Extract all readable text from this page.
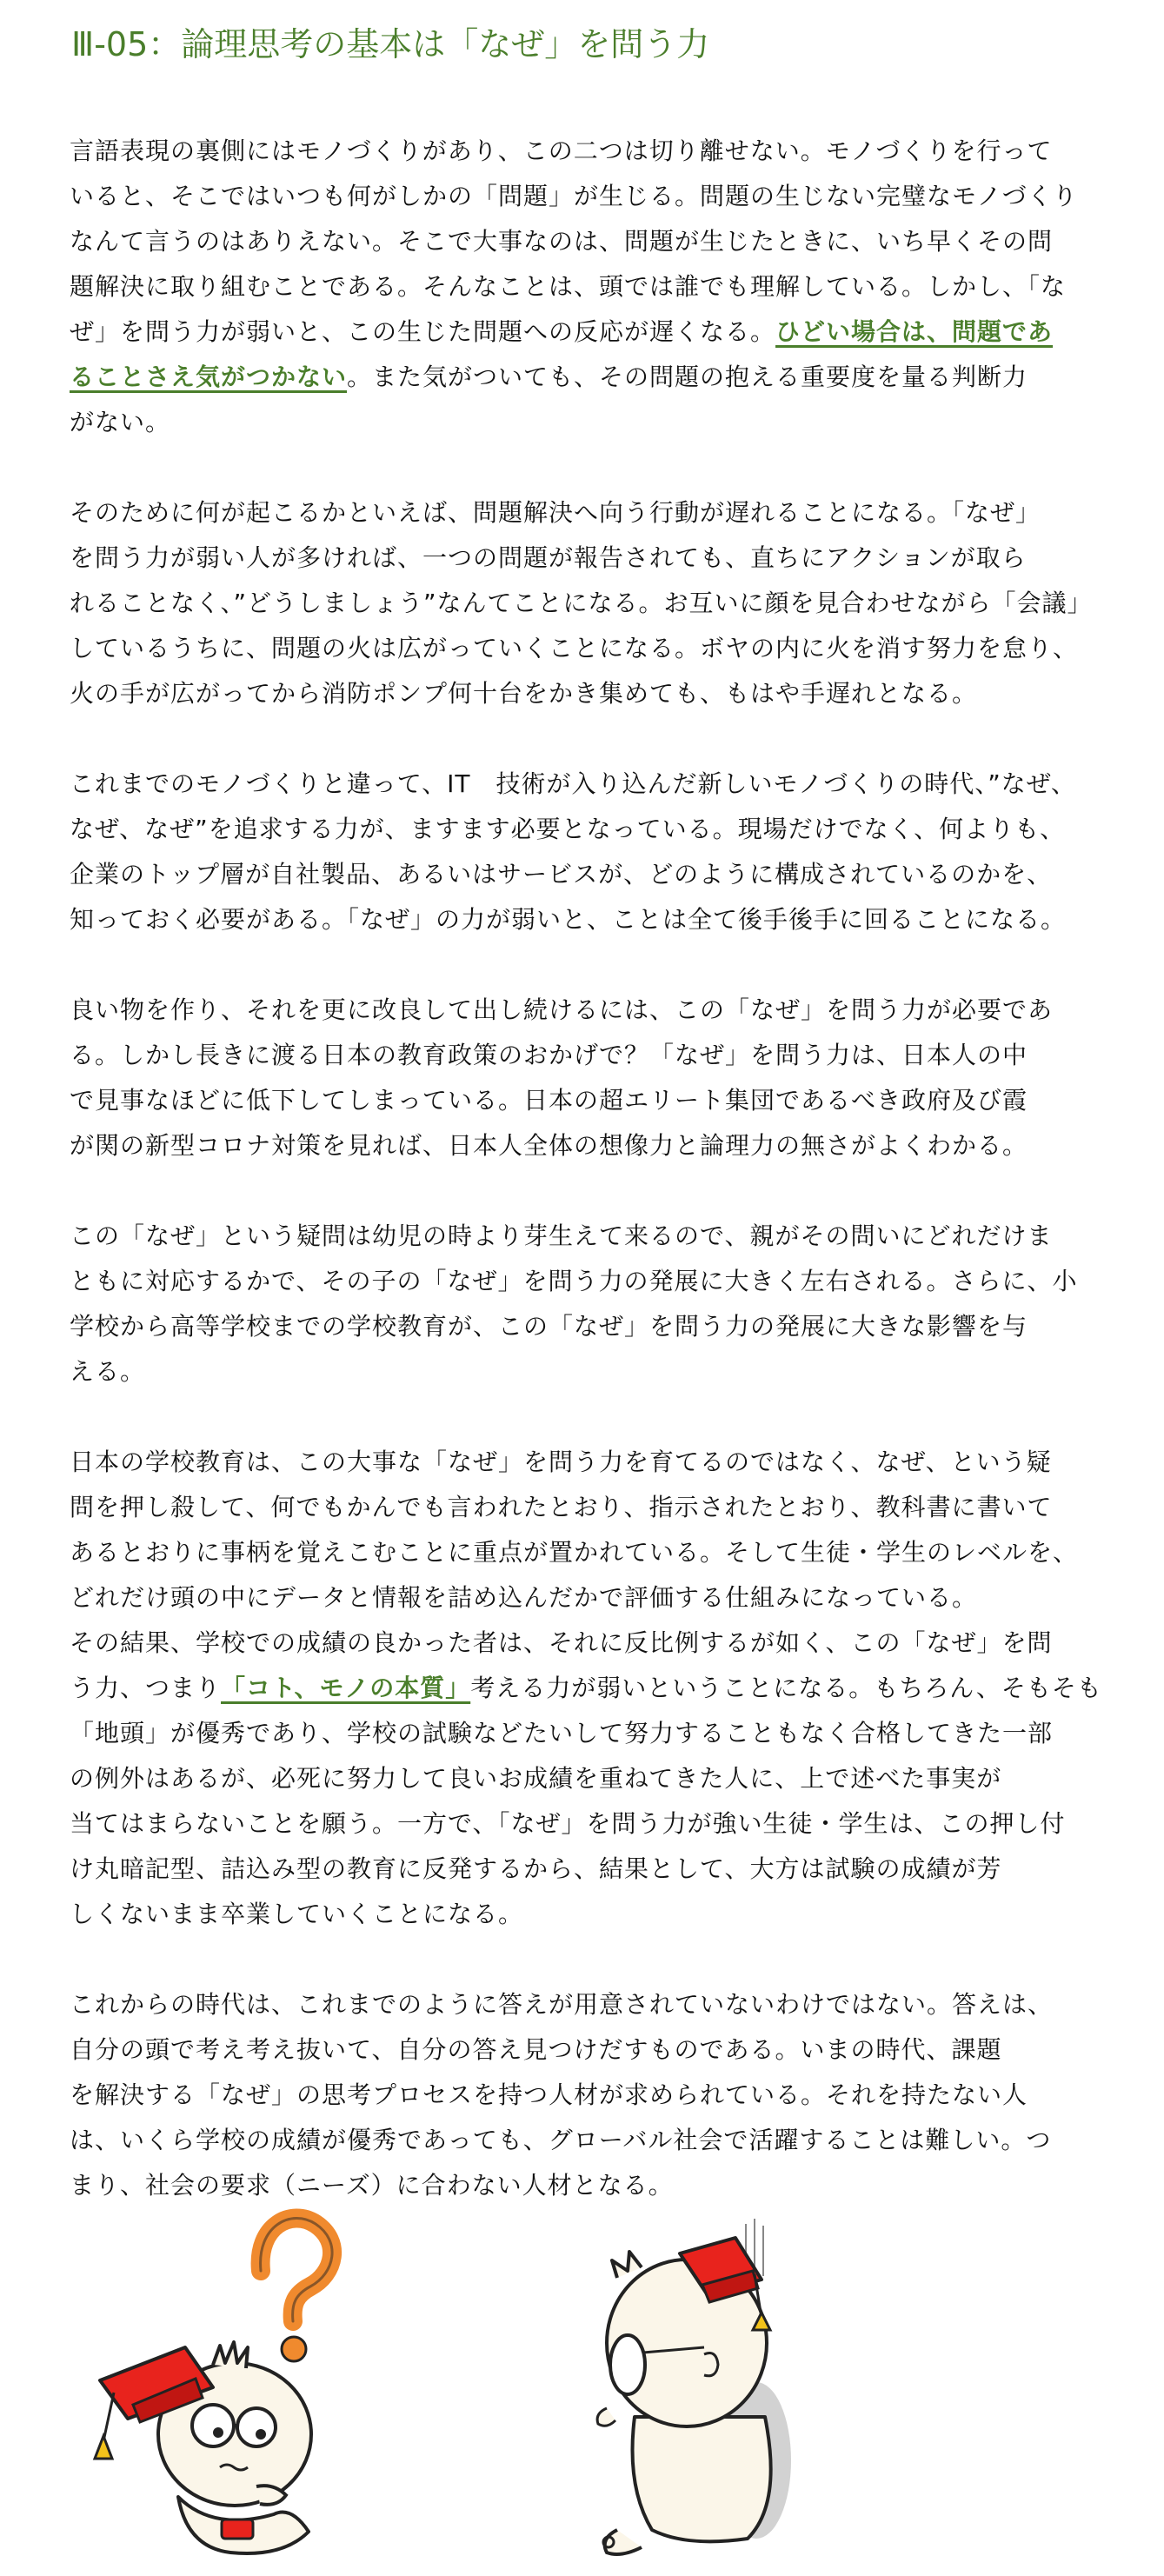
Ⅲ-05：論理思考の基本は「なぜ」を問う力

言語表現の裏側にはモノづくりがあり、この二つは切り離せない。モノづくりを行って
いると、そこではいつも何がしかの「問題」が生じる。問題の生じない完璧なモノづくり
なんて言うのはありえない。そこで大事なのは、問題が生じたときに、いち早くその問
題解決に取り組むことである。そんなことは、頭では誰でも理解している。しかし、「な
ぜ」を問う力が弱いと、この生じた問題への反応が遅くなる。ひどい場合は、問題であ
ることさえ気がつかない。また気がついても、その問題の抱える重要度を量る判断力
がない。

そのために何が起こるかといえば、問題解決へ向う行動が遅れることになる。「なぜ」
を問う力が弱い人が多ければ、一つの問題が報告されても、直ちにアクションが取ら
れることなく、”どうしましょう”なんてことになる。お互いに顔を見合わせながら「会議」
しているうちに、問題の火は広がっていくことになる。ボヤの内に火を消す努力を怠り、
火の手が広がってから消防ポンプ何十台をかき集めても、もはや手遅れとなる。

これまでのモノづくりと違って、IT　技術が入り込んだ新しいモノづくりの時代、”なぜ、
なぜ、なぜ”を追求する力が、ますます必要となっている。現場だけでなく、何よりも、
企業のトップ層が自社製品、あるいはサービスが、どのように構成されているのかを、
知っておく必要がある。「なぜ」の力が弱いと、ことは全て後手後手に回ることになる。

良い物を作り、それを更に改良して出し続けるには、この「なぜ」を問う力が必要であ
る。しかし長きに渡る日本の教育政策のおかげで？「なぜ」を問う力は、日本人の中
で見事なほどに低下してしまっている。日本の超エリート集団であるべき政府及び霞
が関の新型コロナ対策を見れば、日本人全体の想像力と論理力の無さがよくわかる。

この「なぜ」という疑問は幼児の時より芽生えて来るので、親がその問いにどれだけま
ともに対応するかで、その子の「なぜ」を問う力の発展に大きく左右される。さらに、小
学校から高等学校までの学校教育が、この「なぜ」を問う力の発展に大きな影響を与
える。

日本の学校教育は、この大事な「なぜ」を問う力を育てるのではなく、なぜ、という疑
問を押し殺して、何でもかんでも言われたとおり、指示されたとおり、教科書に書いて
あるとおりに事柄を覚えこむことに重点が置かれている。そして生徒・学生のレベルを、
どれだけ頭の中にデータと情報を詰め込んだかで評価する仕組みになっている。

その結果、学校での成績の良かった者は、それに反比例するが如く、この「なぜ」を問
う力、つまり「コト、モノの本質」考える力が弱いということになる。もちろん、そもそも
「地頭」が優秀であり、学校の試験などたいして努力することもなく合格してきた一部
の例外はあるが、必死に努力して良いお成績を重ねてきた人に、上で述べた事実が
当てはまらないことを願う。一方で、「なぜ」を問う力が強い生徒・学生は、この押し付
け丸暗記型、詰込み型の教育に反発するから、結果として、大方は試験の成績が芳
しくないまま卒業していくことになる。

これからの時代は、これまでのように答えが用意されていないわけではない。答えは、
自分の頭で考え考え抜いて、自分の答え見つけだすものである。いまの時代、課題
を解決する「なぜ」の思考プロセスを持つ人材が求められている。それを持たない人
は、いくら学校の成績が優秀であっても、グローバル社会で活躍することは難しい。つ
まり、社会の要求（ニーズ）に合わない人材となる。
